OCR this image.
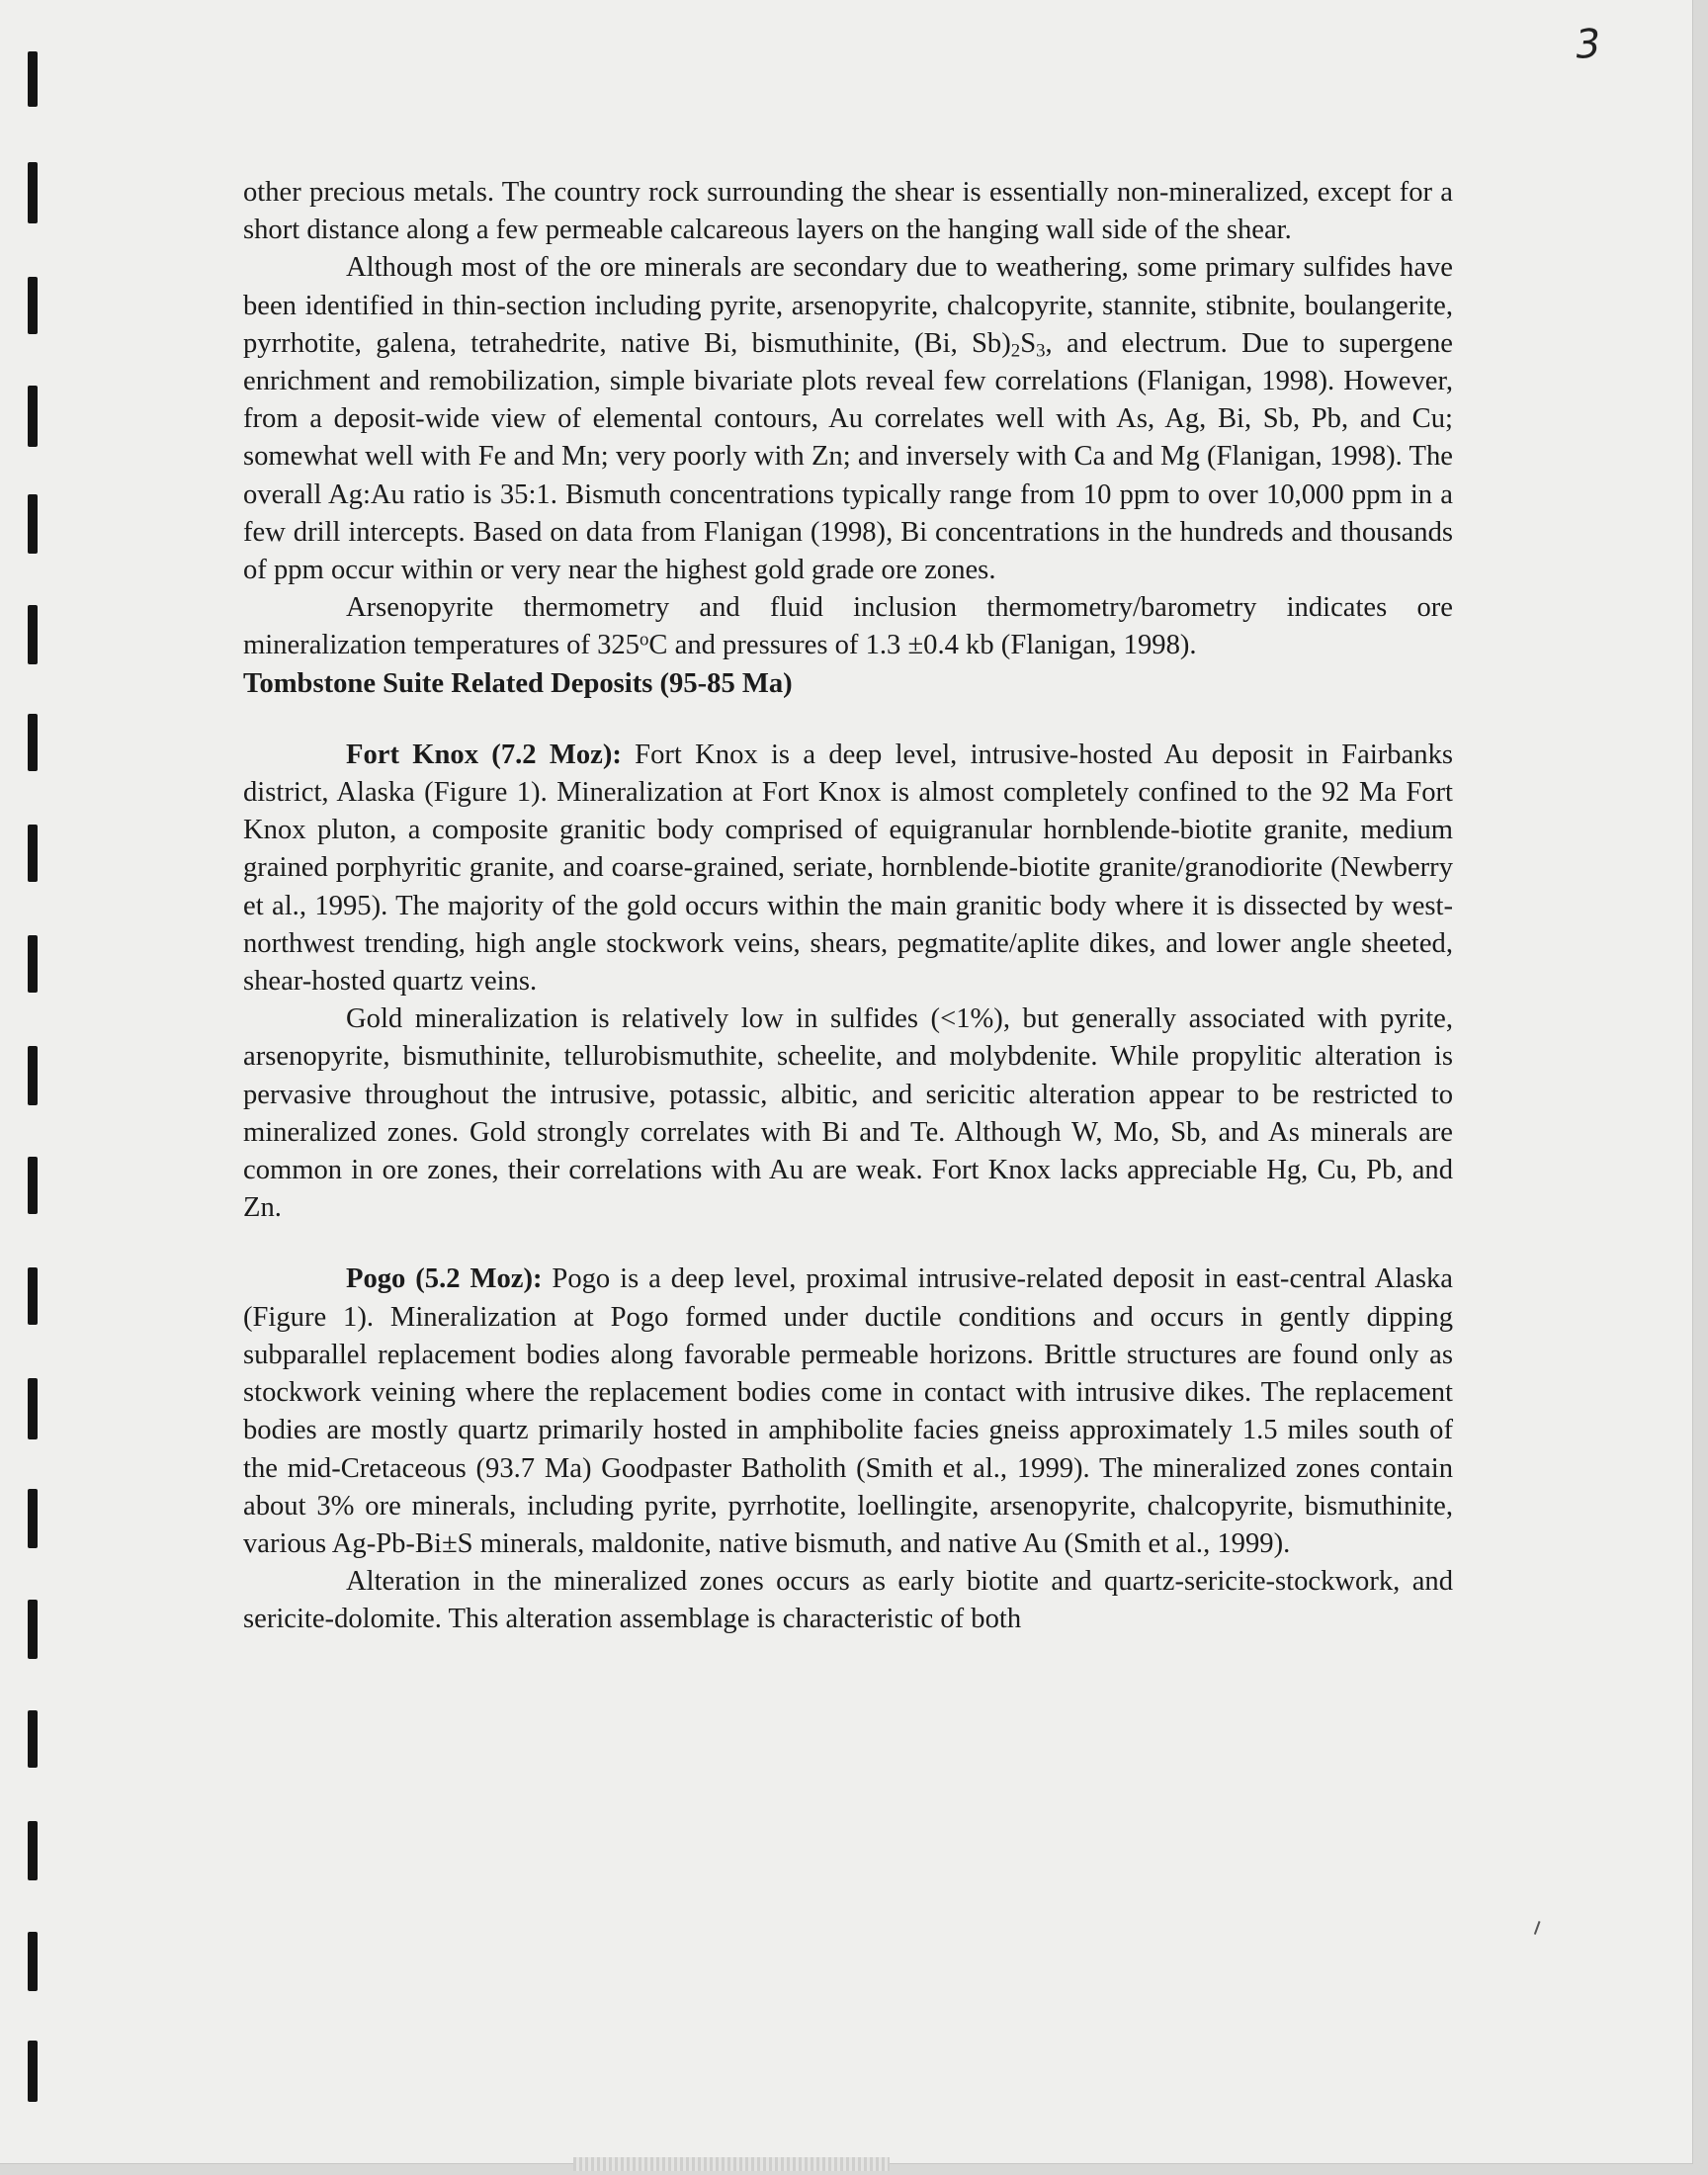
3

other precious metals. The country rock surrounding the shear is essentially non-mineralized, except for a short distance along a few permeable calcareous layers on the hanging wall side of the shear.

Although most of the ore minerals are secondary due to weathering, some primary sulfides have been identified in thin-section including pyrite, arsenopyrite, chalcopyrite, stannite, stibnite, boulangerite, pyrrhotite, galena, tetrahedrite, native Bi, bismuthinite, (Bi, $Sb)_2S_3$, and electrum. Due to supergene enrichment and remobilization, simple bivariate plots reveal few correlations (Flanigan, 1998). However, from a deposit-wide view of elemental contours, Au correlates well with As, Ag, Bi, Sb, Pb, and Cu; somewhat well with Fe and Mn; very poorly with Zn; and inversely with Ca and Mg (Flanigan, 1998). The overall Ag:Au ratio is 35:1. Bismuth concentrations typically range from 10 ppm to over 10,000 ppm in a few drill intercepts. Based on data from Flanigan (1998), Bi concentrations in the hundreds and thousands of ppm occur within or very near the highest gold grade ore zones.

Arsenopyrite thermometry and fluid inclusion thermometry/barometry indicates ore mineralization temperatures of 325$^o$C and pressures of 1.3 ±0.4 kb (Flanigan, 1998).

Tombstone Suite Related Deposits (95-85 Ma)

Fort Knox (7.2 Moz): Fort Knox is a deep level, intrusive-hosted Au deposit in Fairbanks district, Alaska (Figure 1). Mineralization at Fort Knox is almost completely confined to the 92 Ma Fort Knox pluton, a composite granitic body comprised of equigranular hornblende-biotite granite, medium grained porphyritic granite, and coarse-grained, seriate, hornblende-biotite granite/granodiorite (Newberry et al., 1995). The majority of the gold occurs within the main granitic body where it is dissected by west-northwest trending, high angle stockwork veins, shears, pegmatite/aplite dikes, and lower angle sheeted, shear-hosted quartz veins.

Gold mineralization is relatively low in sulfides (<1%), but generally associated with pyrite, arsenopyrite, bismuthinite, tellurobismuthite, scheelite, and molybdenite. While propylitic alteration is pervasive throughout the intrusive, potassic, albitic, and sericitic alteration appear to be restricted to mineralized zones. Gold strongly correlates with Bi and Te. Although W, Mo, Sb, and As minerals are common in ore zones, their correlations with Au are weak. Fort Knox lacks appreciable Hg, Cu, Pb, and Zn.

Pogo (5.2 Moz): Pogo is a deep level, proximal intrusive-related deposit in east-central Alaska (Figure 1). Mineralization at Pogo formed under ductile conditions and occurs in gently dipping subparallel replacement bodies along favorable permeable horizons. Brittle structures are found only as stockwork veining where the replacement bodies come in contact with intrusive dikes. The replacement bodies are mostly quartz primarily hosted in amphibolite facies gneiss approximately 1.5 miles south of the mid-Cretaceous (93.7 Ma) Goodpaster Batholith (Smith et al., 1999). The mineralized zones contain about 3% ore minerals, including pyrite, pyrrhotite, loellingite, arsenopyrite, chalcopyrite, bismuthinite, various Ag-Pb-Bi±S minerals, maldonite, native bismuth, and native Au (Smith et al., 1999).

Alteration in the mineralized zones occurs as early biotite and quartz-sericite-stockwork, and sericite-dolomite. This alteration assemblage is characteristic of both
